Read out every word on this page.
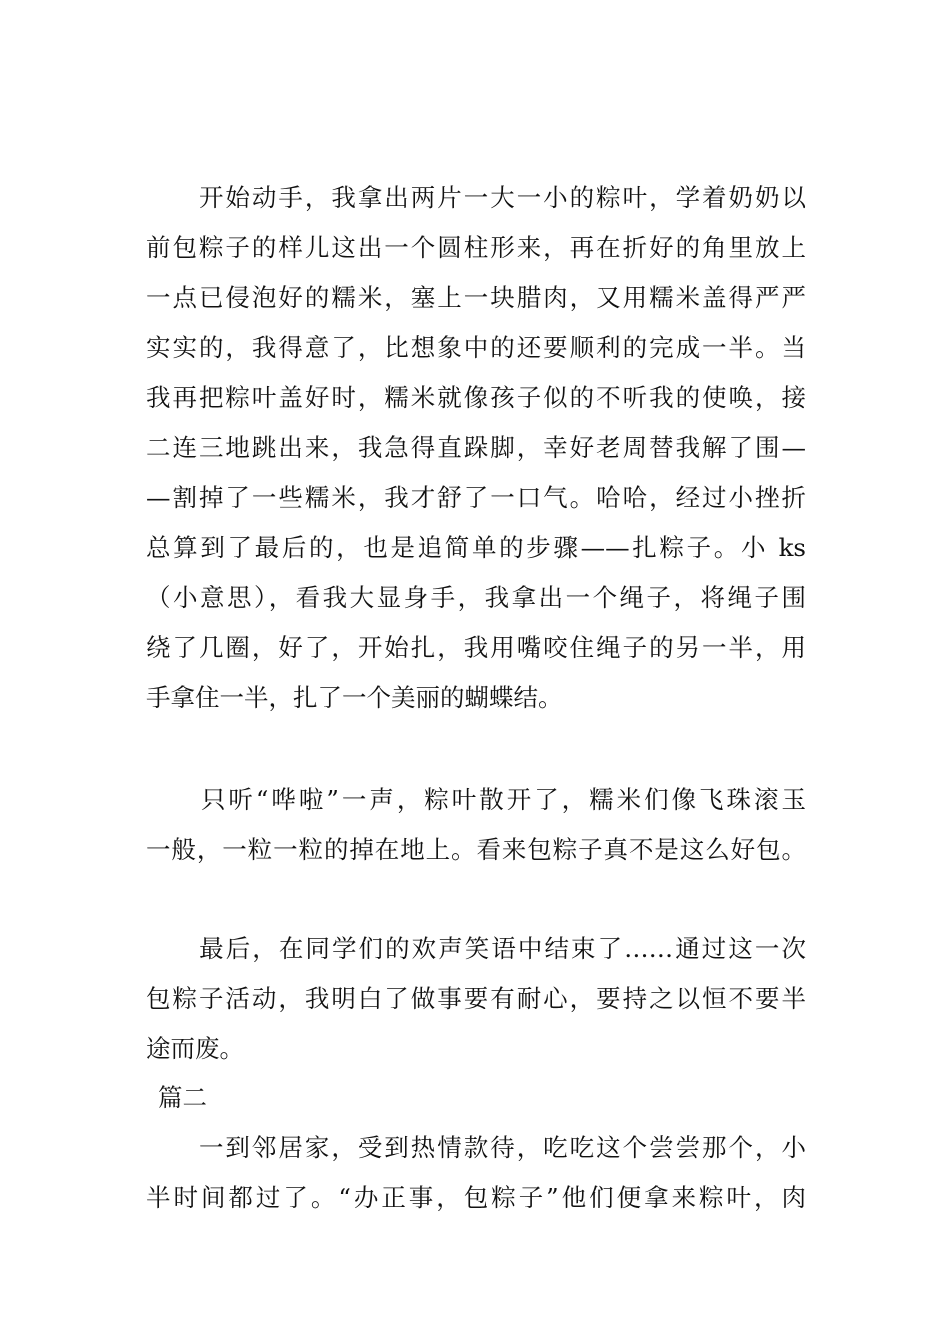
　　开始动手，我拿出两片一大一小的粽叶，学着奶奶以
前包粽子的样儿这出一个圆柱形来，再在折好的角里放上
一点已侵泡好的糯米，塞上一块腊肉，又用糯米盖得严严
实实的，我得意了，比想象中的还要顺利的完成一半。当
我再把粽叶盖好时，糯米就像孩子似的不听我的使唤，接
二连三地跳出来，我急得直跺脚，幸好老周替我解了围—
—割掉了一些糯米，我才舒了一口气。哈哈，经过小挫折
总算到了最后的，也是追简单的步骤——扎粽子。小 ks
（小意思），看我大显身手，我拿出一个绳子，将绳子围
绕了几圈，好了，开始扎，我用嘴咬住绳子的另一半，用
手拿住一半，扎了一个美丽的蝴蝶结。
　　只听“哗啦”一声，粽叶散开了，糯米们像飞珠滚玉
一般，一粒一粒的掉在地上。看来包粽子真不是这么好包。
　　最后，在同学们的欢声笑语中结束了……通过这一次
包粽子活动，我明白了做事要有耐心，要持之以恒不要半
途而废。
篇二
　　一到邻居家，受到热情款待，吃吃这个尝尝那个，小
半时间都过了。“办正事，包粽子”他们便拿来粽叶，肉
